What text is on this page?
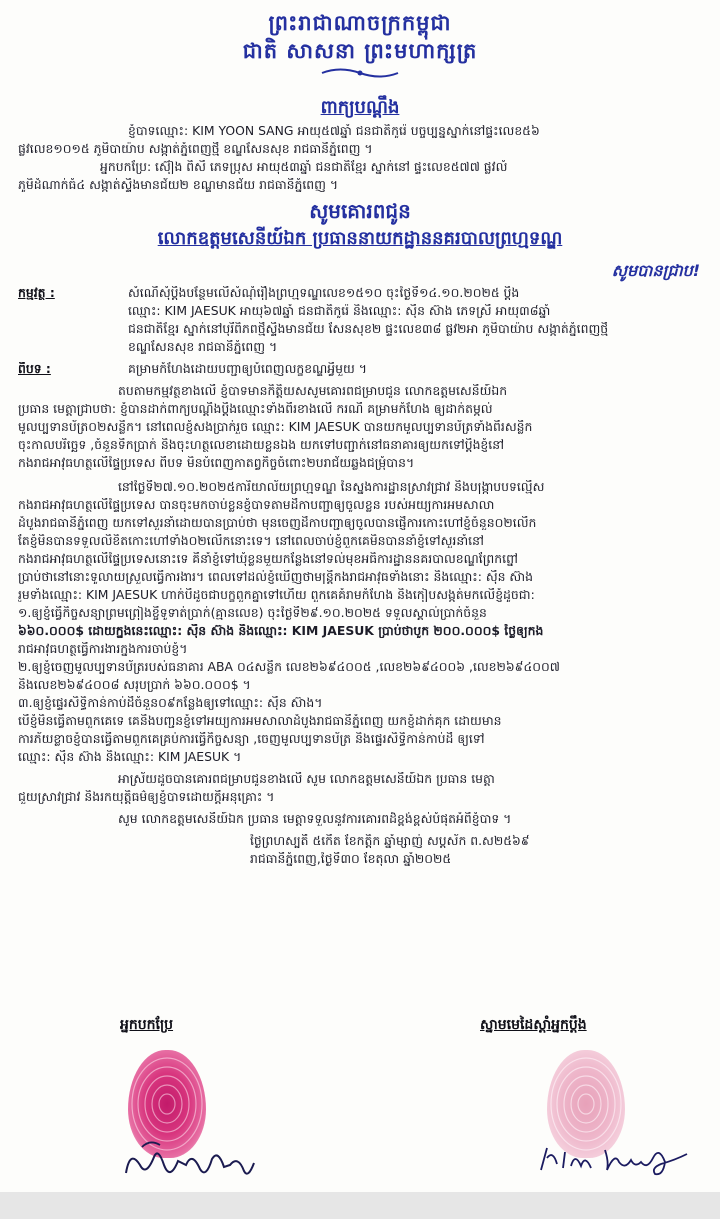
ព្រះរាជាណាចក្រកម្ពុជា
ជាតិ សាសនា ព្រះមហាក្សត្រ
ពាក្យបណ្តឹង
ខ្ញុំបាទឈ្មោះ: KIM YOON SANG អាយុ៥៧ឆ្នាំ ជនជាតិកូរ៉េ បច្ចុប្បន្នស្នាក់នៅផ្ទះលេខ៥៦
ផ្លូវលេខ១០១៥ ភូមិបាយ៉ាប សង្កាត់ភ្នំពេញថ្មី ខណ្ឌសែនសុខ រាជធានីភ្នំពេញ ។
អ្នកបកប្រែ: ស៊ៀង ពិសី ភេទប្រុស អាយុ៥៣ឆ្នាំ ជនជាតិខ្មែរ ស្នាក់នៅ ផ្ទះលេខ៥៧៧ ផ្លូវលំ
ភូមិដំណាក់ធំ៤ សង្កាត់ស្ទឹងមានជ័យ២ ខណ្ឌមានជ័យ រាជធានីភ្នំពេញ ។
សូមគោរពជូន
លោកឧត្តមសេនីយ៍ឯក ប្រធាននាយកដ្ឋាននគរបាលព្រហ្មទណ្ឌ
សូមបានជ្រាប!
កម្មវត្ថុ :	សំណើសុំប្តឹងបន្ថែមលើសំណុំរឿងព្រហ្មទណ្ឌលេខ១៥១០ ចុះថ្ងៃទី១៤.១០.២០២៥ ប្តឹង
ឈ្មោះ: KIM JAESUK អាយុ៦៧ឆ្នាំ ជនជាតិកូរ៉េ និងឈ្មោះ: ស៊ីន ស៊ាង ភេទស្រី អាយុ៣៨ឆ្នាំ
ជនជាតិខ្មែរ ស្នាក់នៅបុរីពិភពថ្មីស្ទឹងមានជ័យ សែនសុខ២ ផ្ទះលេខ៣៨ ផ្លូវ២អា ភូមិបាយ៉ាប សង្កាត់ភ្នំពេញថ្មី
ខណ្ឌសែនសុខ រាជធានីភ្នំពេញ ។
ពីបទ :	គម្រាមកំហែងដោយបញ្ជាឲ្យបំពេញលក្ខខណ្ឌអ្វីមួយ ។
តបតាមកម្មវត្ថុខាងលើ ខ្ញុំបាទមានកិត្តិយសសូមគោរពជម្រាបជូន លោកឧត្តមសេនីយ៍ឯក
ប្រធាន មេត្តាជ្រាបថា: ខ្ញុំបានដាក់ពាក្យបណ្តឹងប្តឹងឈ្មោះទាំងពីរខាងលើ ករណី គម្រាមកំហែង ឲ្យដាក់តម្កល់
មូលប្បទានប័ត្រ០២សន្លឹក។ នៅពេលខ្ញុំសងប្រាក់រួច ឈ្មោះ: KIM JAESUK បានយកមូលប្បទានប័ត្រទាំងពីរសន្លឹក
ចុះកាលបរិច្ឆេទ ,ចំនួនទឹកប្រាក់ និងចុះហត្ថលេខាដោយខ្លួនឯង យកទៅបញ្ជាក់នៅធនាគារឲ្យយកទៅប្តឹងខ្ញុំនៅ
កងរាជអាវុធហត្ថលើផ្ទៃប្រទេស ពីបទ មិនបំពេញកាតព្វកិច្ចចំពោះ២បរាជ័យឆ្លងជម្រុំបាន។
នៅថ្ងៃទី២៧.១០.២០២៥ការិយាល័យព្រហ្មទណ្ឌ នៃស្នងការដ្ឋានស្រាវជ្រាវ និងបង្ក្រាបបទល្មើស
កងរាជអាវុធហត្ថលើផ្ទៃប្រទេស បានចុះមកចាប់ខ្លួនខ្ញុំបាទតាមដីកាបញ្ជាឲ្យចូលខ្លួន របស់អយ្យការអមសាលា
ដំបូងរាជធានីភ្នំពេញ យកទៅសួរនាំដោយបានប្រាប់ថា មុនចេញដីកាបញ្ជាឲ្យចូលបានផ្ញើការកោះហៅខ្ញុំចំនួន០២លើក
តែខ្ញុំមិនបានទទួលលិខិតកោះហៅទាំង០២លើកនោះទេ។ នៅពេលចាប់ខ្ញុំពួកគេមិនបាននាំខ្ញុំទៅសួរនាំនៅ
កងរាជអាវុធហត្ថលើផ្ទៃប្រទេសនោះទេ គឺនាំខ្ញុំទៅឃុំខ្លួនមួយកន្លែងនៅទល់មុខអធិការដ្ឋាននគរបាលខណ្ឌព្រែកព្នៅ
ប្រាប់ថានៅនោះទូលាយស្រួលធ្វើការងារ។ ពេលទៅដល់ខ្ញុំឃើញថាមន្ត្រីកងរាជអាវុធទាំងនោះ និងឈ្មោះ: ស៊ីន ស៊ាង
រួមទាំងឈ្មោះ: KIM JAESUK ហាក់បីដូចជាបក្ខពួកគ្នាទៅហើយ ពួកគេគំរាមកំហែង និងកៀបសង្កត់មកលើខ្ញុំដូចជា:
១.ឲ្យខ្ញុំធ្វើកិច្ចសន្យាព្រមព្រៀងខ្ចីទូទាត់ប្រាក់(គ្មានលេខ) ចុះថ្ងៃទី២៩.១០.២០២៥ ទទួលស្គាល់ប្រាក់ចំនួន
៦៦០.០០០$ ដោយក្នុងនេះឈ្មោះ: ស៊ីន ស៊ាង និងឈ្មោះ: KIM JAESUK ប្រាប់ថាបូក ២០០.០០០$ ថ្លៃឲ្យកង
រាជអាវុធហត្ថធ្វើការងារក្នុងការចាប់ខ្ញុំ។
២.ឲ្យខ្ញុំចេញមូលប្បទានប័ត្ររបស់ធនាគារ ABA ០៤សន្លឹក លេខ២៦៩៤០០៥ ,លេខ២៦៩៤០០៦ ,លេខ២៦៩៤០០៧
និងលេខ២៦៩៤០០៨ សរុបប្រាក់ ៦៦០.០០០$ ។
៣.ឲ្យខ្ញុំផ្ទេរសិទ្ធិកាន់កាប់ដីចំនួន០៩កន្លែងឲ្យទៅឈ្មោះ: ស៊ីន ស៊ាង។
បើខ្ញុំមិនធ្វើតាមពួកគេទេ គេនឹងបញ្ជូនខ្ញុំទៅអយ្យការអមសាលាដំបូងរាជធានីភ្នំពេញ យកខ្ញុំដាក់គុក ដោយមាន
ការភ័យខ្លាចខ្ញុំបានធ្វើតាមពួកគេគ្រប់ការធ្វើកិច្ចសន្យា ,ចេញមូលប្បទានប័ត្រ និងផ្ទេរសិទ្ធិកាន់កាប់ដី ឲ្យទៅ
ឈ្មោះ: ស៊ីន ស៊ាង និងឈ្មោះ: KIM JAESUK ។
អាស្រ័យដូចបានគោរពជម្រាបជូនខាងលើ សូម លោកឧត្តមសេនីយ៍ឯក ប្រធាន មេត្តា
ជួយស្រាវជ្រាវ និងរកយុត្តិធម៌ឲ្យខ្ញុំបាទដោយក្តីអនុគ្រោះ ។
សូម លោកឧត្តមសេនីយ៍ឯក ប្រធាន មេត្តាទទួលនូវការគោរពដ៏ខ្ពង់ខ្ពស់បំផុតអំពីខ្ញុំបាទ ។
ថ្ងៃព្រហស្បតិ៍ ៥កើត ខែកត្តិក ឆ្នាំម្សាញ់ សប្តស័ក ព.ស២៥៦៩
រាជធានីភ្នំពេញ,ថ្ងៃទី៣០ ខែតុលា ឆ្នាំ២០២៥
អ្នកបកប្រែ	ស្នាមមេដៃស្តាំអ្នកប្តឹង
